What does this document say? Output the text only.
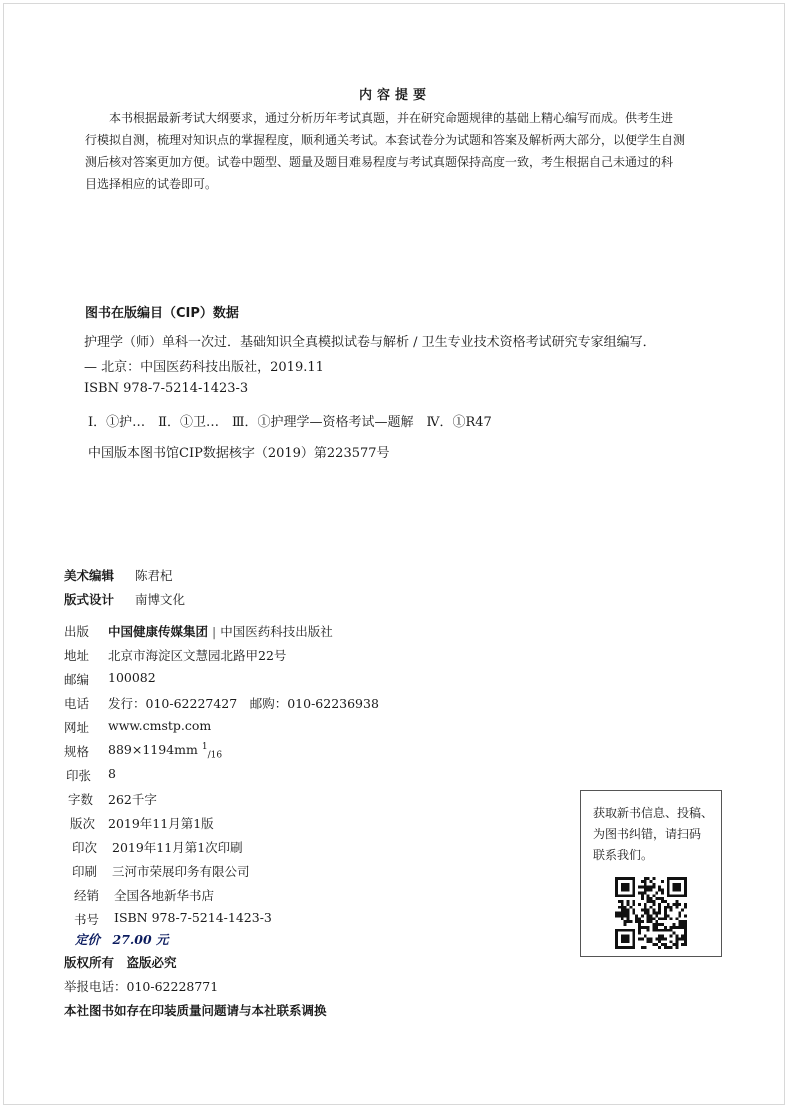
内容提要
本书根据最新考试大纲要求，通过分析历年考试真题，并在研究命题规律的基础上精心编写而成。供考生进
行模拟自测，梳理对知识点的掌握程度，顺利通关考试。本套试卷分为试题和答案及解析两大部分，以便学生自测
测后核对答案更加方便。试卷中题型、题量及题目难易程度与考试真题保持高度一致，考生根据自己未通过的科
目选择相应的试卷即可。
图书在版编目（CIP）数据
护理学（师）单科一次过．基础知识全真模拟试卷与解析 / 卫生专业技术资格考试研究专家组编写．
— 北京：中国医药科技出版社，2019.11
ISBN 978-7-5214-1423-3
Ⅰ．①护…　Ⅱ．①卫…　Ⅲ．①护理学—资格考试—题解　Ⅳ．①R47
中国版本图书馆CIP数据核字（2019）第223577号
美术编辑 陈君杞
版式设计 南博文化
出版 中国健康传媒集团 | 中国医药科技出版社
地址 北京市海淀区文慧园北路甲22号
邮编 100082
电话 发行：010-62227427　邮购：010-62236938
网址 www.cmstp.com
规格 889×1194mm $^1_{/16}$
印张 8
字数 262千字
版次 2019年11月第1版
印次 2019年11月第1次印刷
印刷 三河市荣展印务有限公司
经销 全国各地新华书店
书号 ISBN 978-7-5214-1423-3
定价　27.00 元
版权所有　盗版必究
举报电话：010-62228771
本社图书如存在印装质量问题请与本社联系调换
获取新书信息、投稿、
为图书纠错，请扫码
联系我们。
